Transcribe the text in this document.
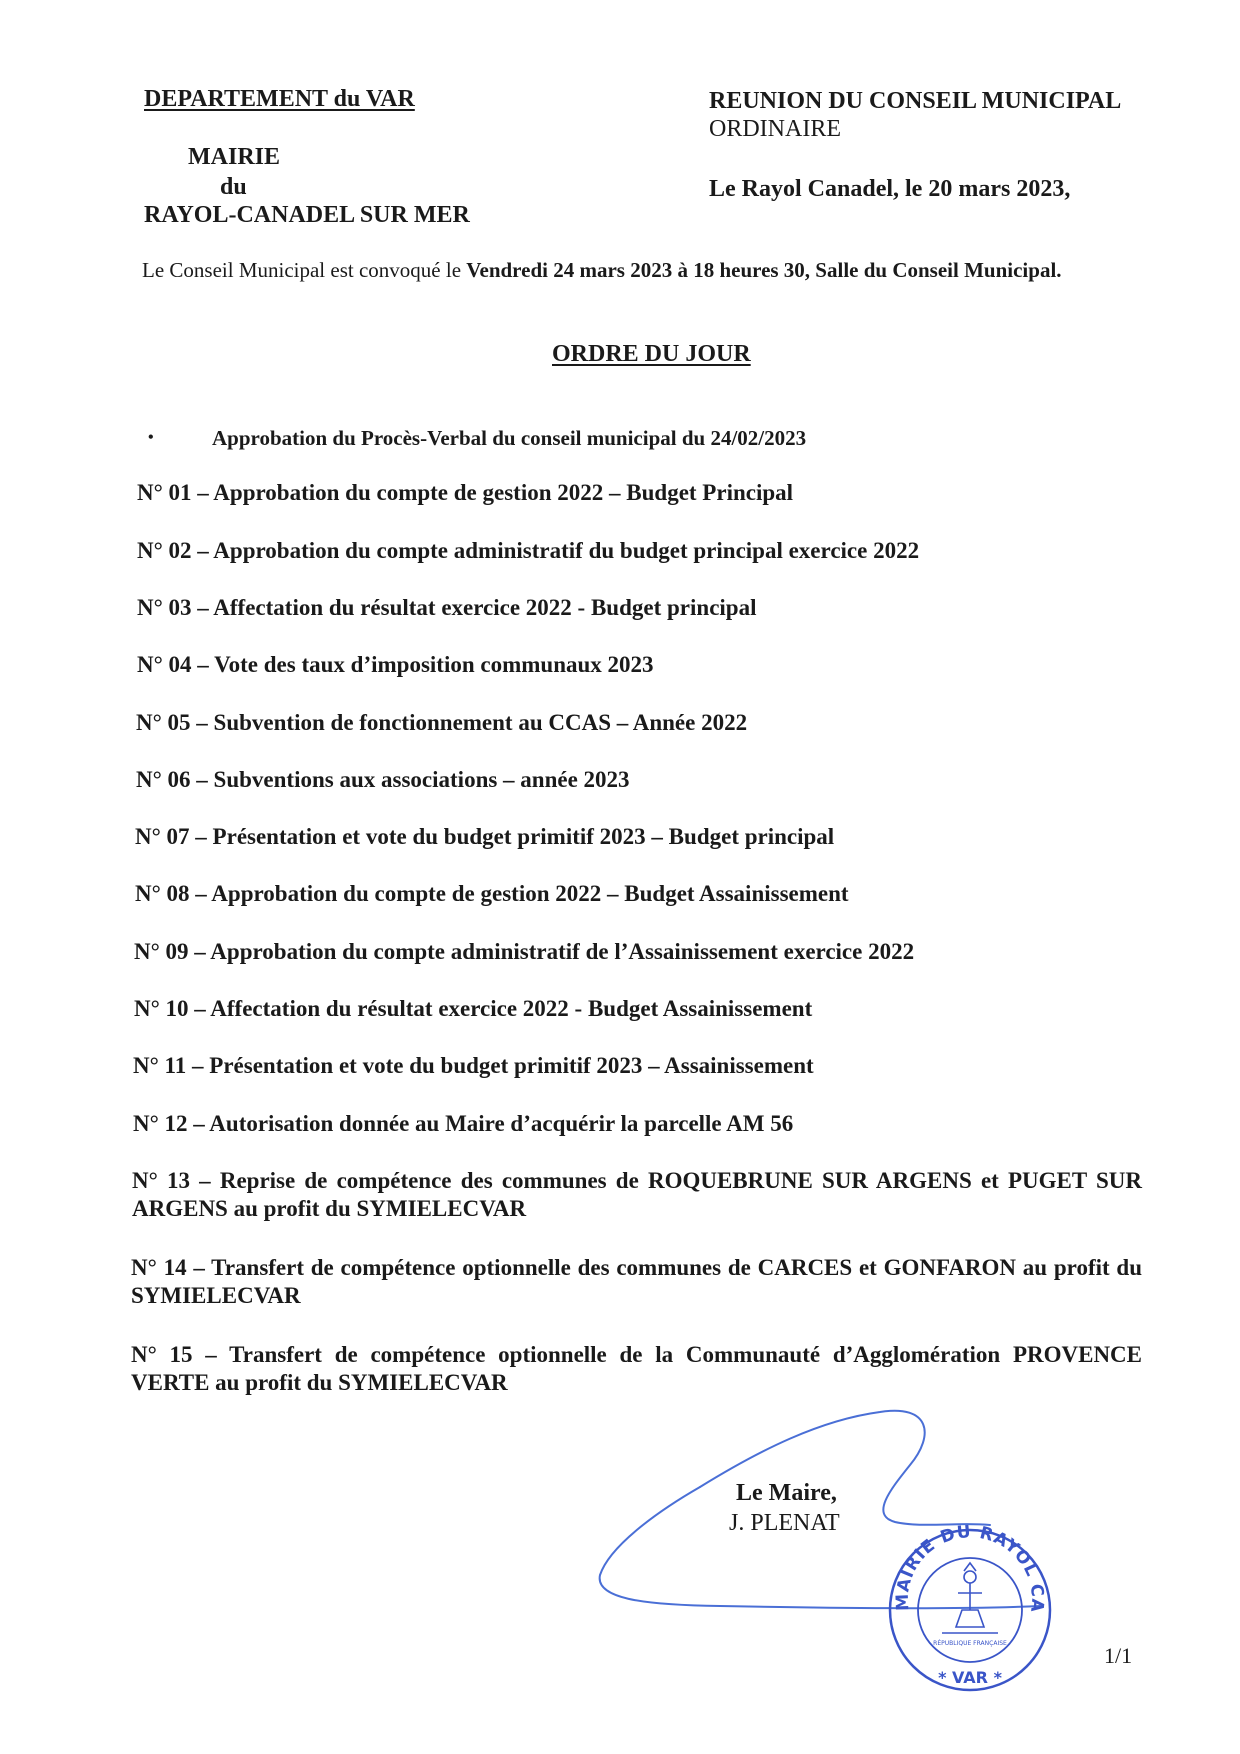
DEPARTEMENT du VAR
MAIRIE
du
RAYOL-CANADEL SUR MER
REUNION DU CONSEIL MUNICIPAL
ORDINAIRE
Le Rayol Canadel, le 20 mars 2023,
Le Conseil Municipal est convoqué le Vendredi 24 mars 2023 à 18 heures 30, Salle du Conseil Municipal.
ORDRE DU JOUR
•	Approbation du Procès-Verbal du conseil municipal du 24/02/2023
N° 01 – Approbation du compte de gestion 2022 – Budget Principal
N° 02 – Approbation du compte administratif du budget principal exercice 2022
N° 03 – Affectation du résultat exercice 2022 - Budget principal
N° 04 – Vote des taux d’imposition communaux 2023
N° 05 – Subvention de fonctionnement au CCAS – Année 2022
N° 06 – Subventions aux associations – année 2023
N° 07 – Présentation et vote du budget primitif 2023 – Budget principal
N° 08 – Approbation du compte de gestion 2022 – Budget Assainissement
N° 09 – Approbation du compte administratif de l’Assainissement exercice 2022
N° 10 – Affectation du résultat exercice 2022 - Budget Assainissement
N° 11 – Présentation et vote du budget primitif 2023 – Assainissement
N° 12 – Autorisation donnée au Maire d’acquérir la parcelle AM 56
N° 13 – Reprise de compétence des communes de ROQUEBRUNE SUR ARGENS et PUGET SUR ARGENS au profit du SYMIELECVAR
N° 14 – Transfert de compétence optionnelle des communes de CARCES et GONFARON au profit du SYMIELECVAR
N° 15 – Transfert de compétence optionnelle de la Communauté d’Agglomération PROVENCE VERTE au profit du SYMIELECVAR
Le Maire,
J. PLENAT
MAIRIE DU RAYOL CANADEL SUR MER
* VAR *
RÉPUBLIQUE FRANÇAISE	1/1
